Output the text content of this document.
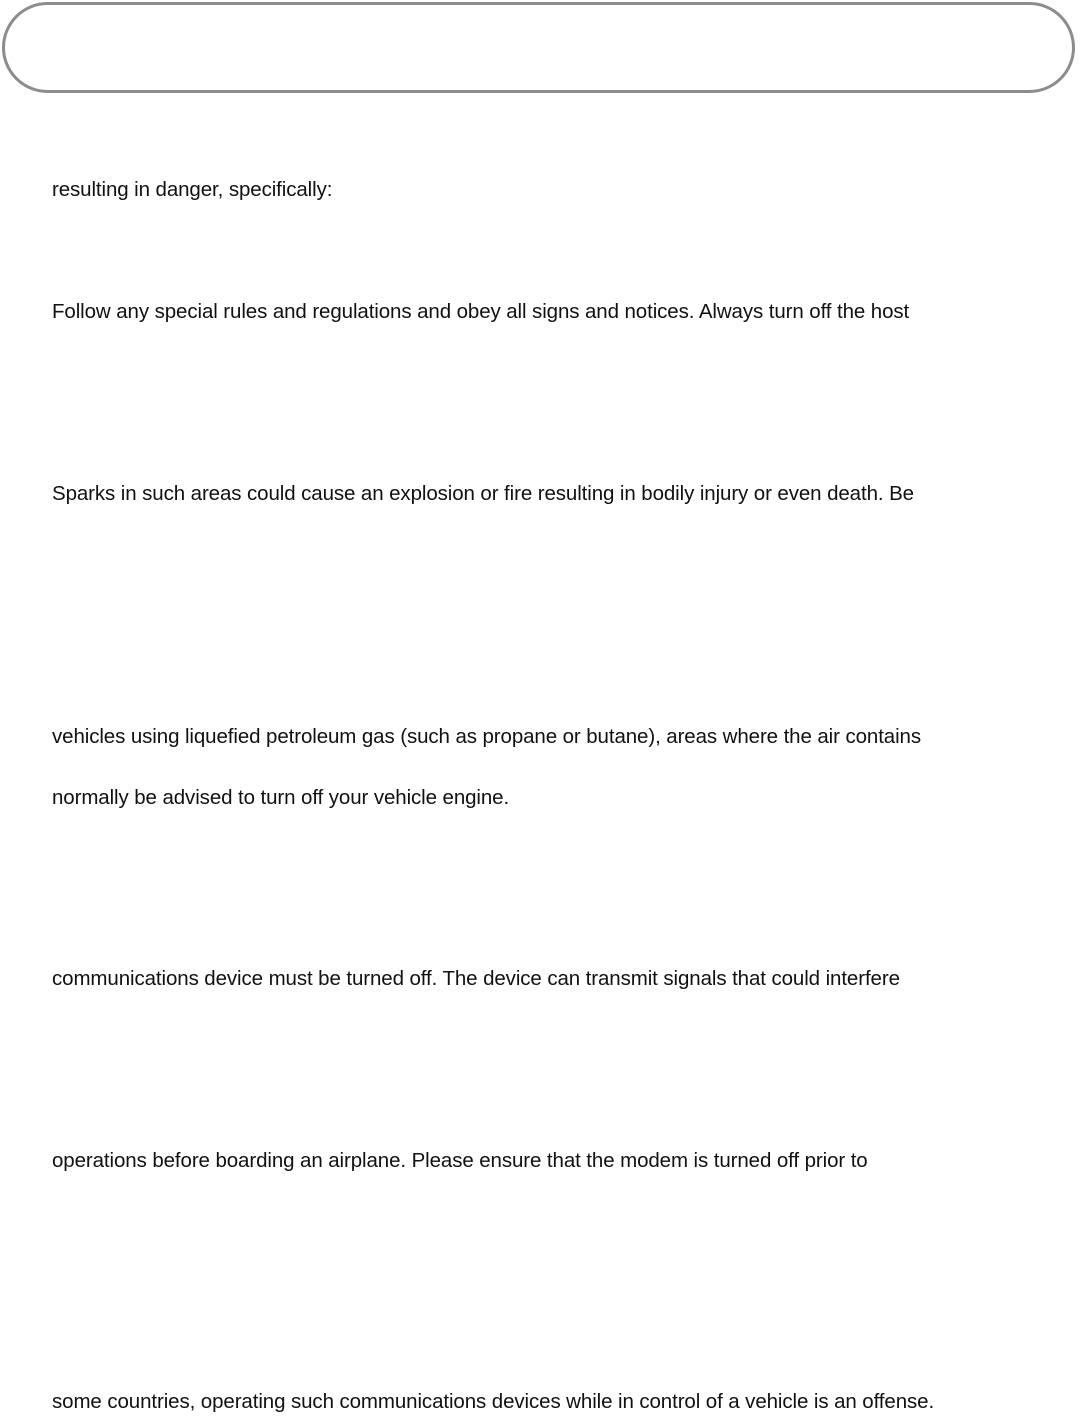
resulting in danger, specifically:
Follow any special rules and regulations and obey all signs and notices. Always turn off the host
Sparks in such areas could cause an explosion or fire resulting in bodily injury or even death. Be
vehicles using liquefied petroleum gas (such as propane or butane), areas where the air contains
normally be advised to turn off your vehicle engine.
communications device must be turned off. The device can transmit signals that could interfere
operations before boarding an airplane. Please ensure that the modem is turned off prior to
some countries, operating such communications devices while in control of a vehicle is an offense.
